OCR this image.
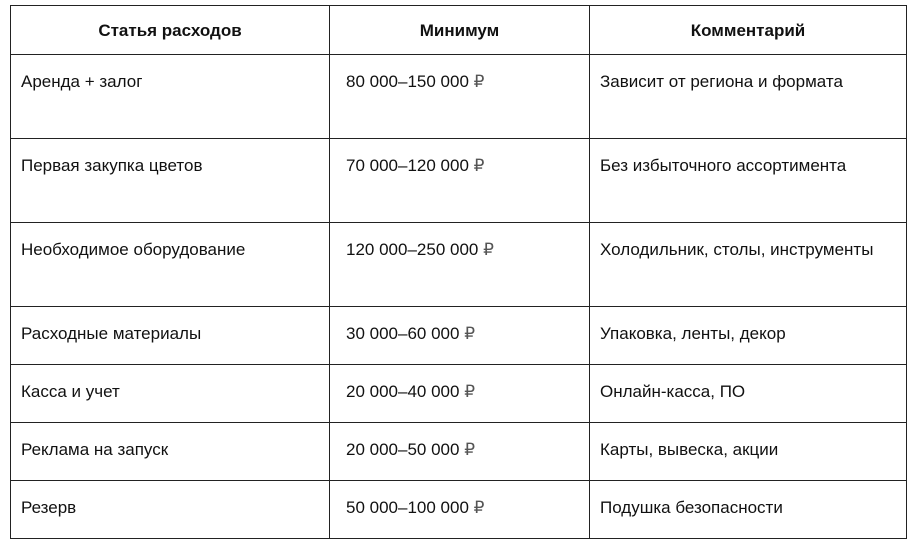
Статья расходов	Минимум	Комментарий
Аренда + залог	80 000–150 000 ₽	Зависит от региона и формата
Первая закупка цветов	70 000–120 000 ₽	Без избыточного ассортимента
Необходимое оборудование	120 000–250 000 ₽	Холодильник, столы, инструменты
Расходные материалы	30 000–60 000 ₽	Упаковка, ленты, декор
Касса и учет	20 000–40 000 ₽	Онлайн-касса, ПО
Реклама на запуск	20 000–50 000 ₽	Карты, вывеска, акции
Резерв	50 000–100 000 ₽	Подушка безопасности
